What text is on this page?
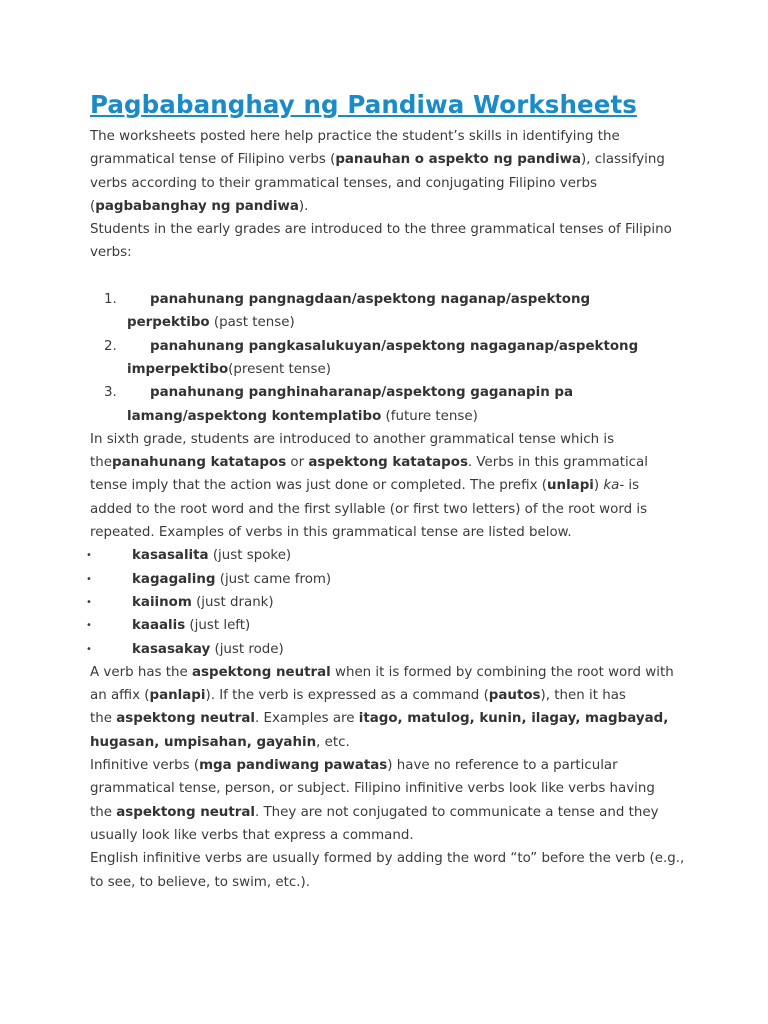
Pagbabanghay ng Pandiwa Worksheets
The worksheets posted here help practice the student’s skills in identifying the
grammatical tense of Filipino verbs (panauhan o aspekto ng pandiwa), classifying
verbs according to their grammatical tenses, and conjugating Filipino verbs
(pagbabanghay ng pandiwa).
Students in the early grades are introduced to the three grammatical tenses of Filipino
verbs:
1. panahunang pangnagdaan/aspektong naganap/aspektong
perpektibo (past tense)
2. panahunang pangkasalukuyan/aspektong nagaganap/aspektong
imperpektibo(present tense)
3. panahunang panghinaharanap/aspektong gaganapin pa
lamang/aspektong kontemplatibo (future tense)
In sixth grade, students are introduced to another grammatical tense which is
thepanahunang katatapos or aspektong katatapos. Verbs in this grammatical
tense imply that the action was just done or completed. The prefix (unlapi) ka- is
added to the root word and the first syllable (or first two letters) of the root word is
repeated. Examples of verbs in this grammatical tense are listed below.
•	kasasalita (just spoke)
•	kagagaling (just came from)
•	kaiinom (just drank)
•	kaaalis (just left)
•	kasasakay (just rode)
A verb has the aspektong neutral when it is formed by combining the root word with
an affix (panlapi). If the verb is expressed as a command (pautos), then it has
the aspektong neutral. Examples are itago, matulog, kunin, ilagay, magbayad,
hugasan, umpisahan, gayahin, etc.
Infinitive verbs (mga pandiwang pawatas) have no reference to a particular
grammatical tense, person, or subject. Filipino infinitive verbs look like verbs having
the aspektong neutral. They are not conjugated to communicate a tense and they
usually look like verbs that express a command.
English infinitive verbs are usually formed by adding the word “to” before the verb (e.g.,
to see, to believe, to swim, etc.).
